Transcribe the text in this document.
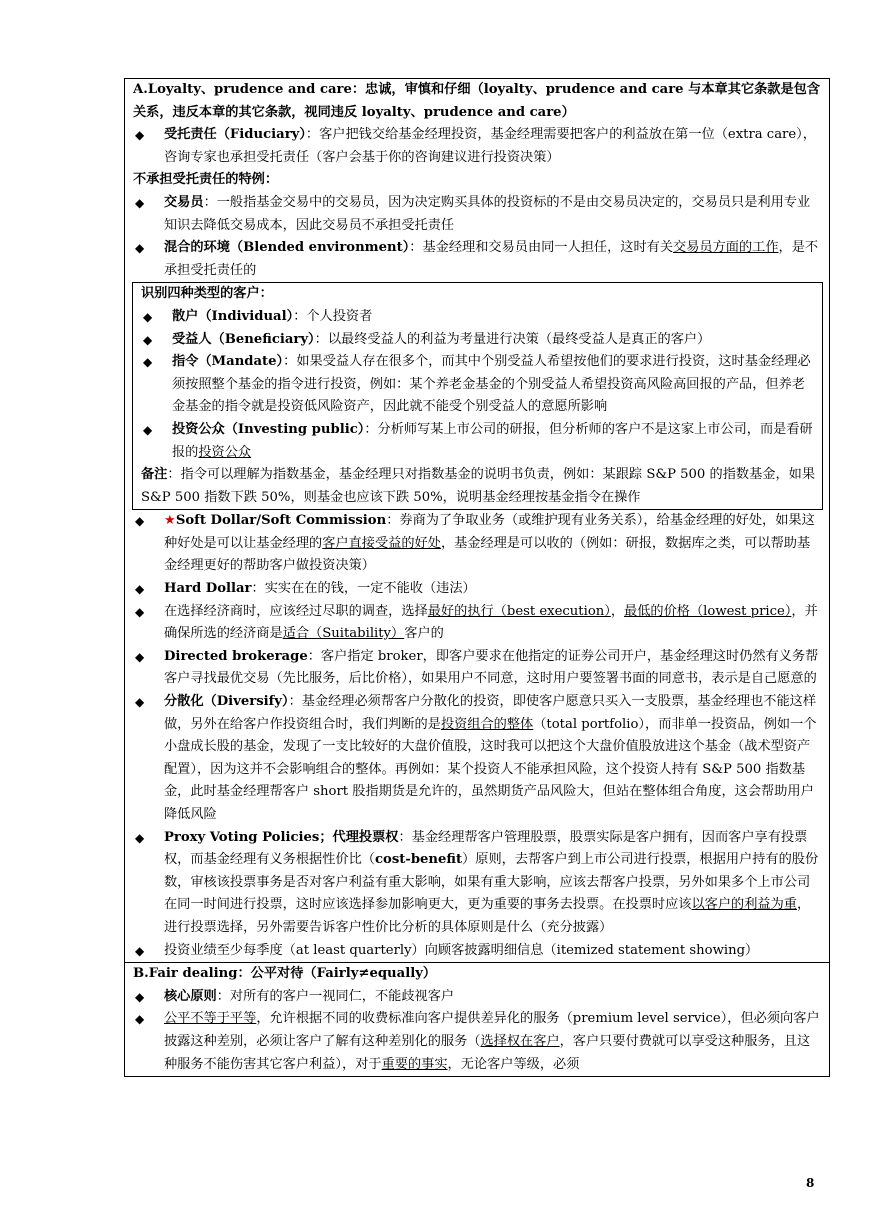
A.Loyalty、prudence and care：忠诚，审慎和仔细（loyalty、prudence and care 与本章其它条款是包含
关系，违反本章的其它条款，视同违反 loyalty、prudence and care）

◆	受托责任（Fiduciary）：客户把钱交给基金经理投资，基金经理需要把客户的利益放在第一位（extra care），咨询专家也承担受托责任（客户会基于你的咨询建议进行投资决策）

不承担受托责任的特例：

◆	交易员：一般指基金交易中的交易员，因为决定购买具体的投资标的不是由交易员决定的，交易员只是利用专业知识去降低交易成本，因此交易员不承担受托责任
◆	混合的环境（Blended environment）：基金经理和交易员由同一人担任，这时有关交易员方面的工作，是不承担受托责任的

识别四种类型的客户：

◆	散户（Individual）：个人投资者
◆	受益人（Beneficiary）：以最终受益人的利益为考量进行决策（最终受益人是真正的客户）
◆	指令（Mandate）：如果受益人存在很多个，而其中个别受益人希望按他们的要求进行投资，这时基金经理必须按照整个基金的指令进行投资，例如：某个养老金基金的个别受益人希望投资高风险高回报的产品，但养老金基金的指令就是投资低风险资产，因此就不能受个别受益人的意愿所影响
◆	投资公众（Investing public）：分析师写某上市公司的研报，但分析师的客户不是这家上市公司，而是看研报的投资公众

备注：指令可以理解为指数基金，基金经理只对指数基金的说明书负责，例如：某跟踪 S&P 500 的指数基金，如果 S&P 500 指数下跌 50%，则基金也应该下跌 50%，说明基金经理按基金指令在操作

◆	★Soft Dollar/Soft Commission：券商为了争取业务（或维护现有业务关系），给基金经理的好处，如果这种好处是可以让基金经理的客户直接受益的好处，基金经理是可以收的（例如：研报，数据库之类，可以帮助基金经理更好的帮助客户做投资决策）
◆	Hard Dollar：实实在在的钱，一定不能收（违法）
◆	在选择经济商时，应该经过尽职的调查，选择最好的执行（best execution），最低的价格（lowest price），并确保所选的经济商是适合（Suitability）客户的
◆	Directed brokerage：客户指定 broker，即客户要求在他指定的证券公司开户，基金经理这时仍然有义务帮客户寻找最优交易（先比服务，后比价格），如果用户不同意，这时用户要签署书面的同意书，表示是自己愿意的
◆	分散化（Diversify）：基金经理必须帮客户分散化的投资，即使客户愿意只买入一支股票，基金经理也不能这样做，另外在给客户作投资组合时，我们判断的是投资组合的整体（total portfolio），而非单一投资品，例如一个小盘成长股的基金，发现了一支比较好的大盘价值股，这时我可以把这个大盘价值股放进这个基金（战术型资产配置），因为这并不会影响组合的整体。再例如：某个投资人不能承担风险，这个投资人持有 S&P 500 指数基金，此时基金经理帮客户 short 股指期货是允许的，虽然期货产品风险大，但站在整体组合角度，这会帮助用户降低风险
◆	Proxy Voting Policies；代理投票权：基金经理帮客户管理股票，股票实际是客户拥有，因而客户享有投票权，而基金经理有义务根据性价比（cost-benefit）原则，去帮客户到上市公司进行投票，根据用户持有的股份数，审核该投票事务是否对客户利益有重大影响，如果有重大影响，应该去帮客户投票，另外如果多个上市公司在同一时间进行投票，这时应该选择参加影响更大，更为重要的事务去投票。在投票时应该以客户的利益为重，进行投票选择，另外需要告诉客户性价比分析的具体原则是什么（充分披露）
◆	投资业绩至少每季度（at least quarterly）向顾客披露明细信息（itemized statement showing）

B.Fair dealing：公平对待（Fairly≠equally）

◆	核心原则：对所有的客户一视同仁，不能歧视客户
◆	公平不等于平等，允许根据不同的收费标准向客户提供差异化的服务（premium level service），但必须向客户披露这种差别，必须让客户了解有这种差别化的服务（选择权在客户，客户只要付费就可以享受这种服务，且这种服务不能伤害其它客户利益），对于重要的事实，无论客户等级，必须
8
